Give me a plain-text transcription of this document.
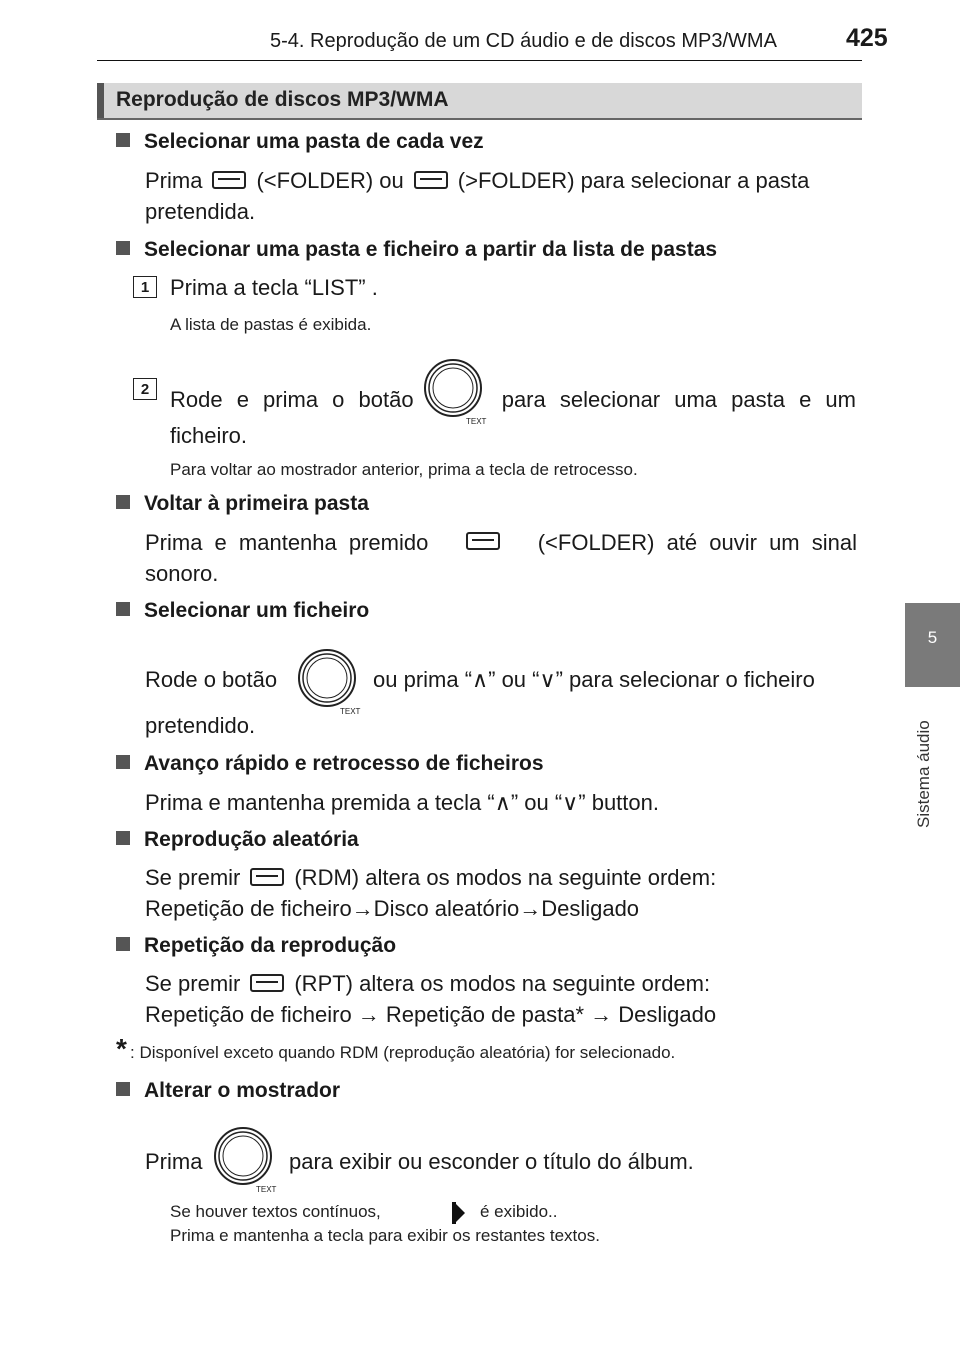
5-4. Reprodução de um CD áudio e de discos MP3/WMA	425
5
Sistema áudio
Reprodução de discos MP3/WMA
Selecionar uma pasta de cada vez
Prima (<FOLDER) ou (>FOLDER) para selecionar a pasta
pretendida.
Selecionar uma pasta e ficheiro a partir da lista de pastas
1 Prima a tecla “LIST” .
A lista de pastas é exibida.
2 Rode e prima o botão
TEXT
para selecionar uma pasta e um
ficheiro.
Para voltar ao mostrador anterior, prima a tecla de retrocesso.
Voltar à primeira pasta
Prima e mantenha premido	(<FOLDER) até ouvir um sinal
sonoro.
Selecionar um ficheiro
Rode o botão
TEXT
ou prima “∧” ou “∨” para selecionar o ficheiro
pretendido.
Avanço rápido e retrocesso de ficheiros
Prima e mantenha premida a tecla “∧” ou “∨” button.
Reprodução aleatória
Se premir (RDM) altera os modos na seguinte ordem:
Repetição de ficheiro→Disco aleatório→Desligado
Repetição da reprodução
Se premir (RPT) altera os modos na seguinte ordem:
Repetição de ficheiro → Repetição de pasta* → Desligado
* : Disponível exceto quando RDM (reprodução aleatória) for selecionado.
Alterar o mostrador
Prima
TEXT
para exibir ou esconder o título do álbum.
Se houver textos contínuos,	é exibido..
Prima e mantenha a tecla para exibir os restantes textos.
